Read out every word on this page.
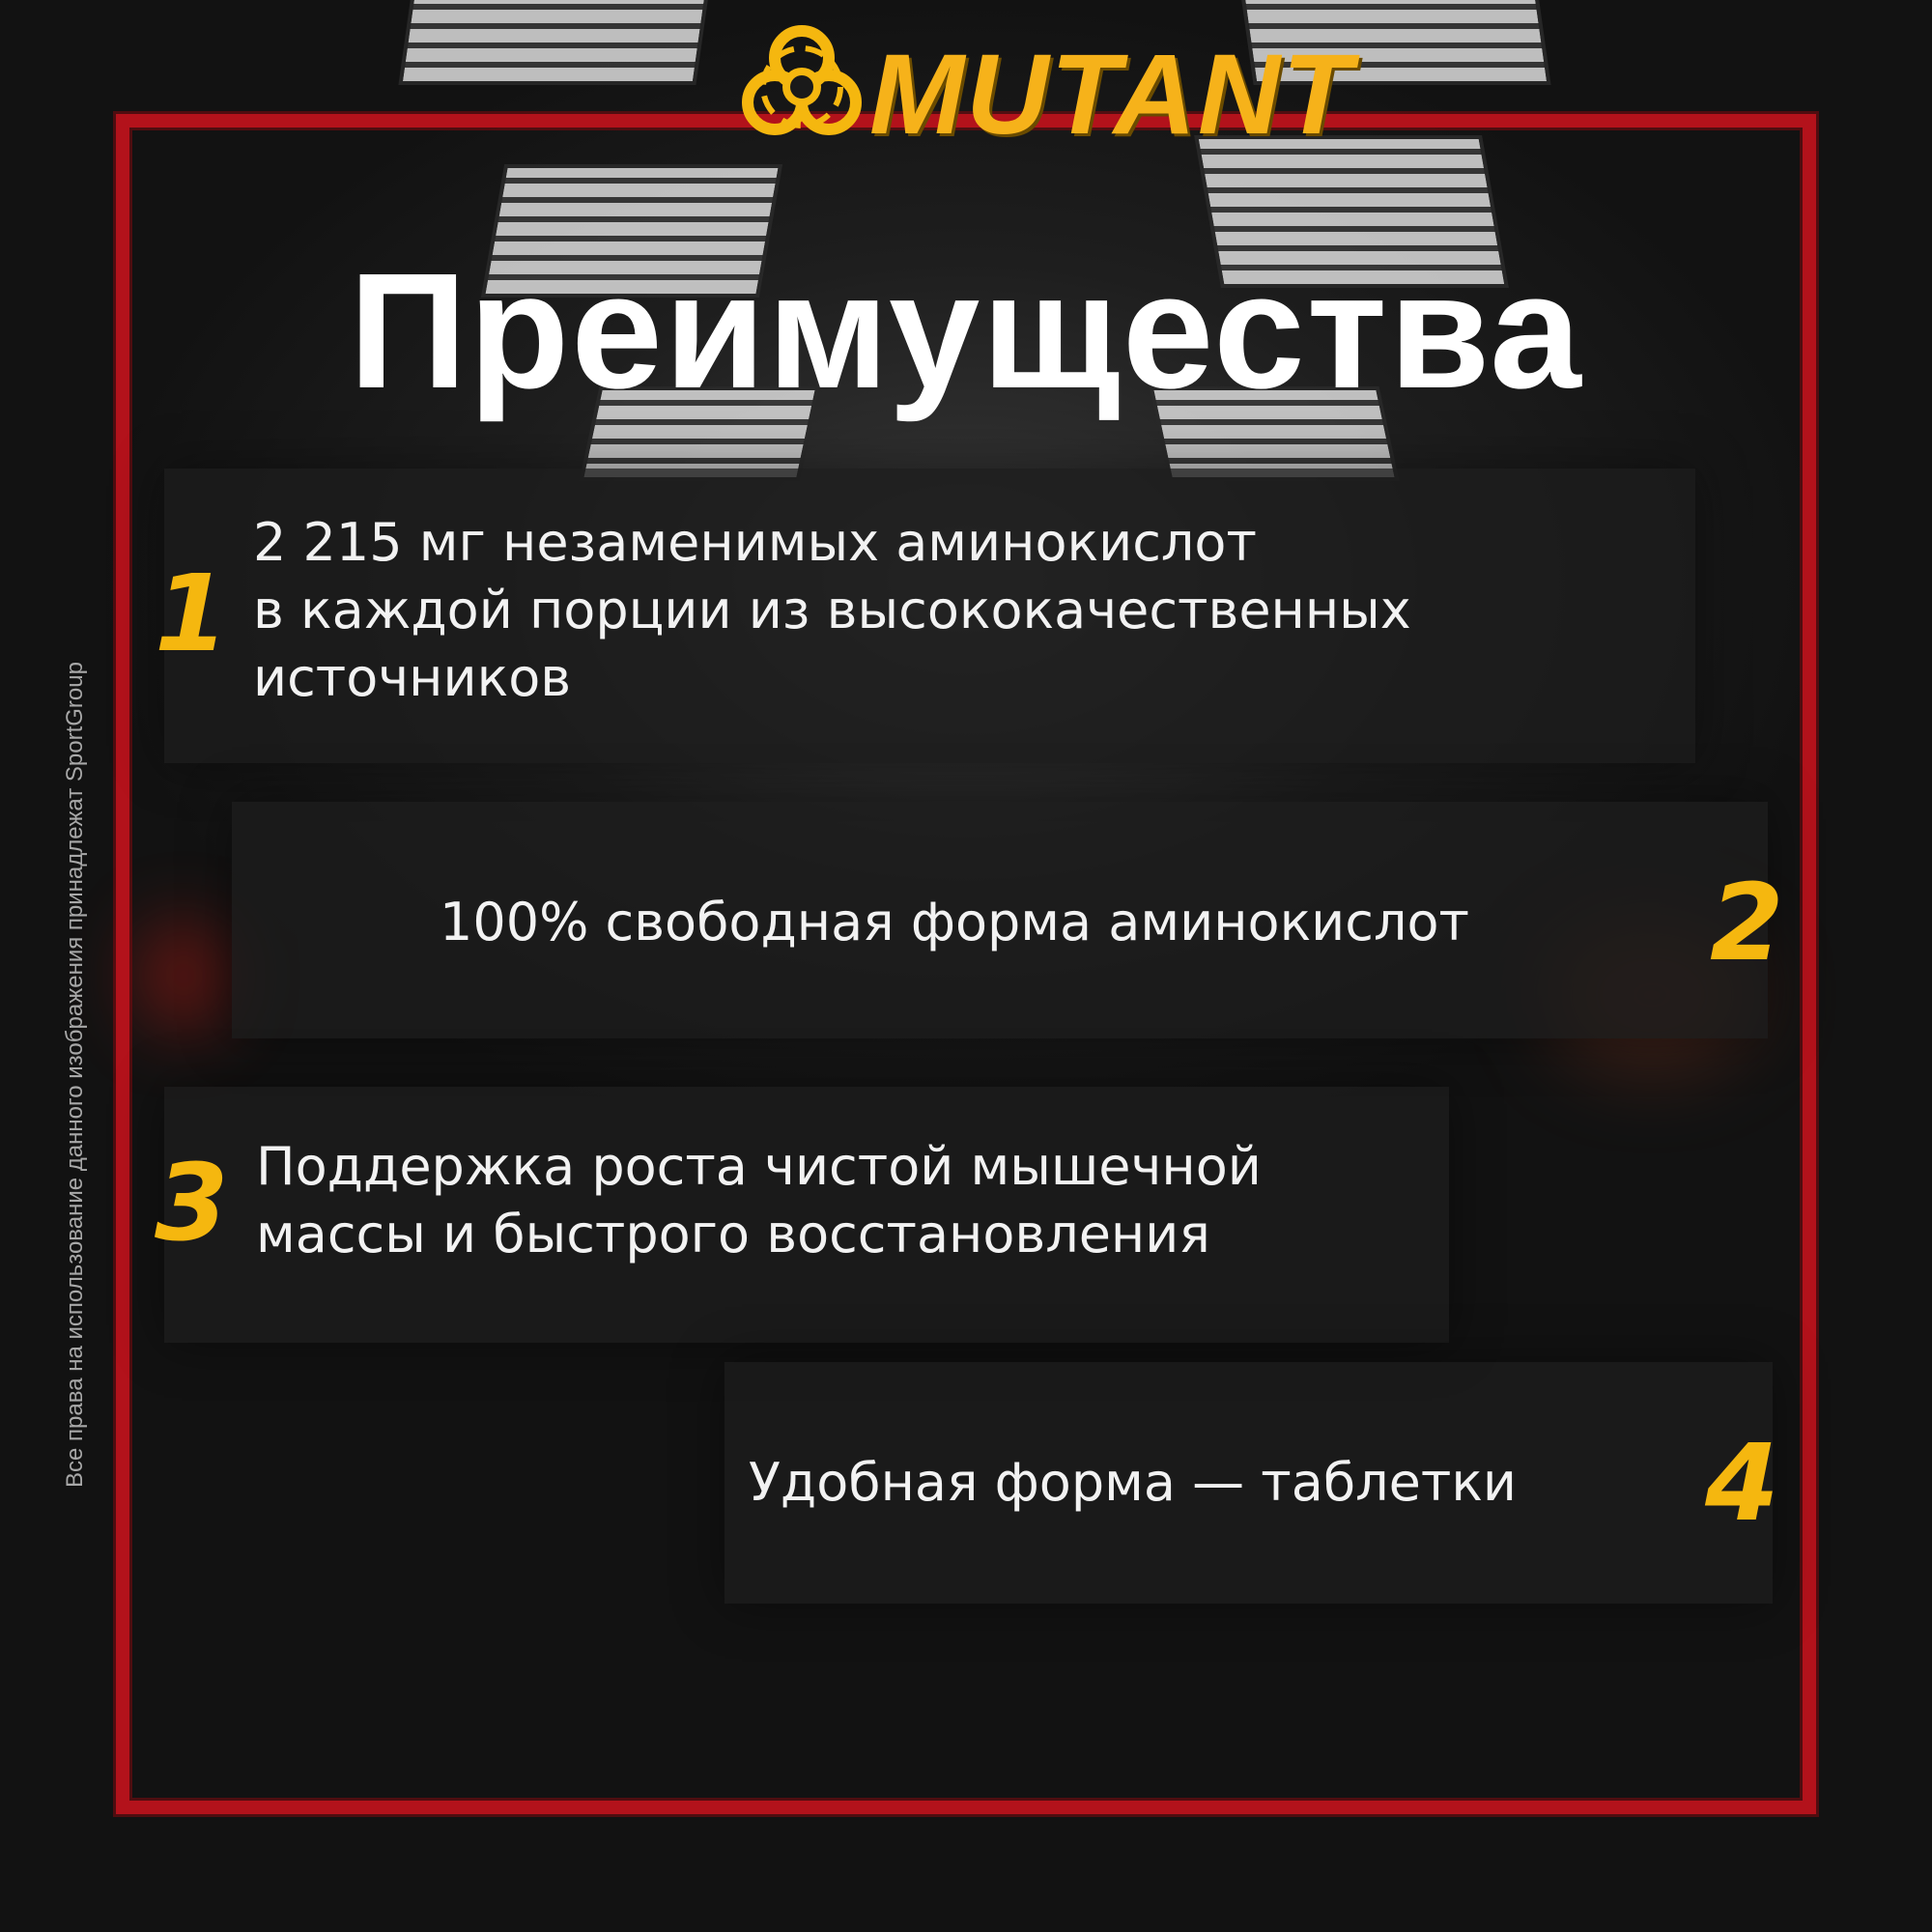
MUTANT
Преимущества
1
2 215 мг незаменимых аминокислот
в каждой порции из высококачественных
источников
100% свободная форма аминокислот 2
3 Поддержка роста чистой мышечной
массы и быстрого восстановления
Удобная форма — таблетки 4
Все права на использование данного изображения принадлежат SportGroup
